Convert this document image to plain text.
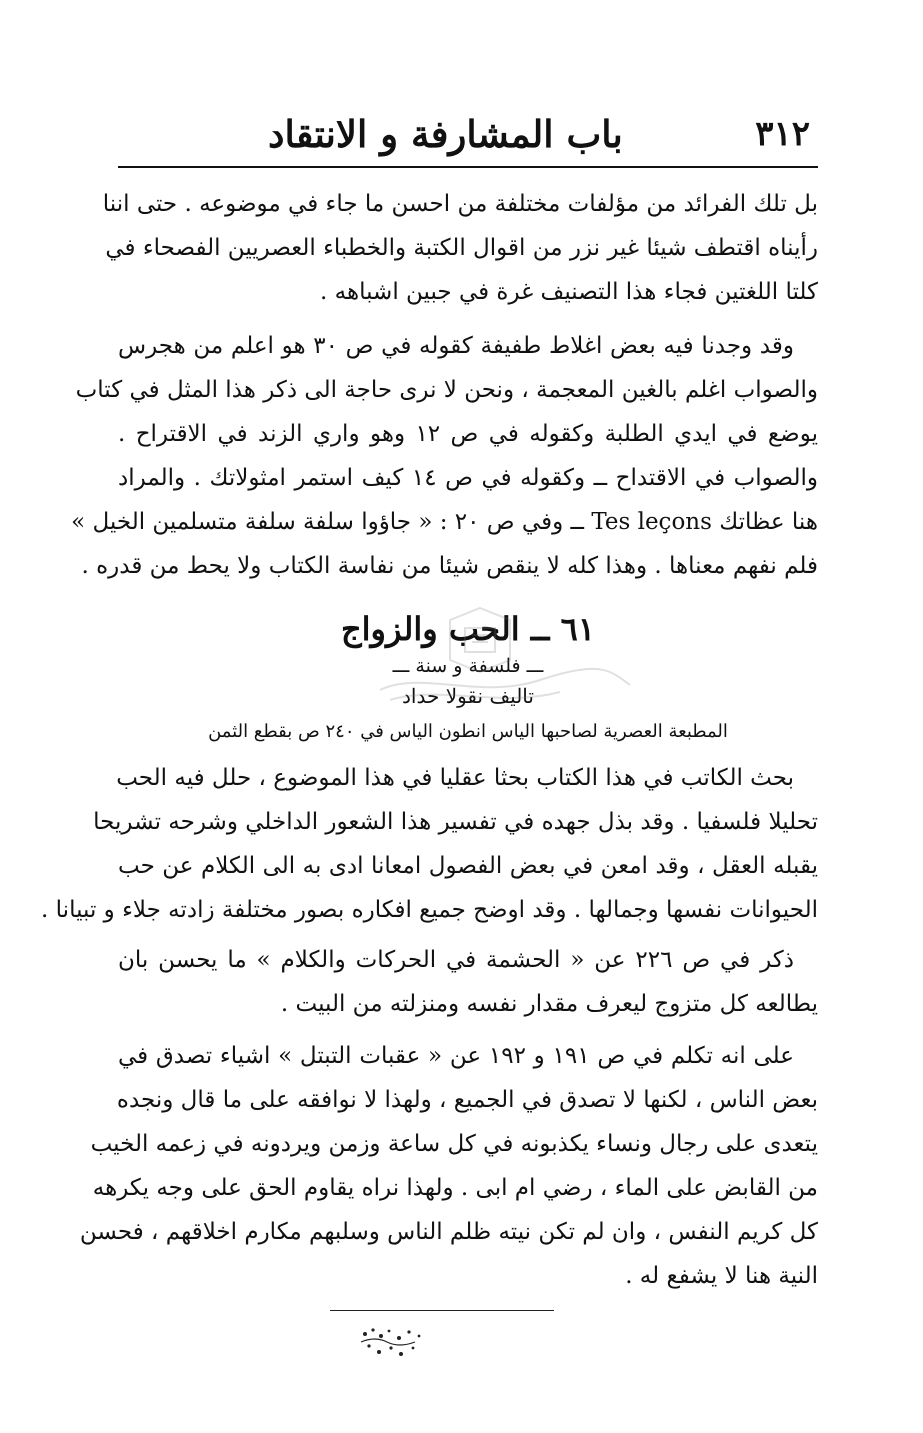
٣١٢
باب المشارفة و الانتقاد
بل تلك الفرائد من مؤلفات مختلفة من احسن ما جاء في موضوعه . حتى اننا
رأيناه اقتطف شيئا غير نزر من اقوال الكتبة والخطباء العصريين الفصحاء في
كلتا اللغتين فجاء هذا التصنيف غرة في جبين اشباهه .
وقد وجدنا فيه بعض اغلاط طفيفة كقوله في ص ٣٠ هو اعلم من هجرس
والصواب اغلم بالغين المعجمة ، ونحن لا نرى حاجة الى ذكر هذا المثل في كتاب
يوضع في ايدي الطلبة وكقوله في ص ١٢ وهو واري الزند في الاقتراح .
والصواب في الاقتداح ــ وكقوله في ص ١٤ كيف استمر امثولاتك . والمراد
هنا عظاتك Tes leçons ــ وفي ص ٢٠ : « جاؤوا سلفة سلفة متسلمين الخيل »
فلم نفهم معناها . وهذا كله لا ينقص شيئا من نفاسة الكتاب ولا يحط من قدره .
٦١ ــ الحب والزواج
ـــ فلسفة و سنة ـــ
تاليف نقولا حداد
المطبعة العصرية لصاحبها الياس انطون الياس في ٢٤٠ ص بقطع الثمن
بحث الكاتب في هذا الكتاب بحثا عقليا في هذا الموضوع ، حلل فيه الحب
تحليلا فلسفيا . وقد بذل جهده في تفسير هذا الشعور الداخلي وشرحه تشريحا
يقبله العقل ، وقد امعن في بعض الفصول امعانا ادى به الى الكلام عن حب
الحيوانات نفسها وجمالها . وقد اوضح جميع افكاره بصور مختلفة زادته جلاء و تبيانا .
ذكر في ص ٢٢٦ عن « الحشمة في الحركات والكلام » ما يحسن بان
يطالعه كل متزوج ليعرف مقدار نفسه ومنزلته من البيت .
على انه تكلم في ص ١٩١ و ١٩٢ عن « عقبات التبتل » اشياء تصدق في
بعض الناس ، لكنها لا تصدق في الجميع ، ولهذا لا نوافقه على ما قال ونجده
يتعدى على رجال ونساء يكذبونه في كل ساعة وزمن ويردونه في زعمه الخيب
من القابض على الماء ، رضي ام ابى . ولهذا نراه يقاوم الحق على وجه يكرهه
كل كريم النفس ، وان لم تكن نيته ظلم الناس وسلبهم مكارم اخلاقهم ، فحسن
النية هنا لا يشفع له .
